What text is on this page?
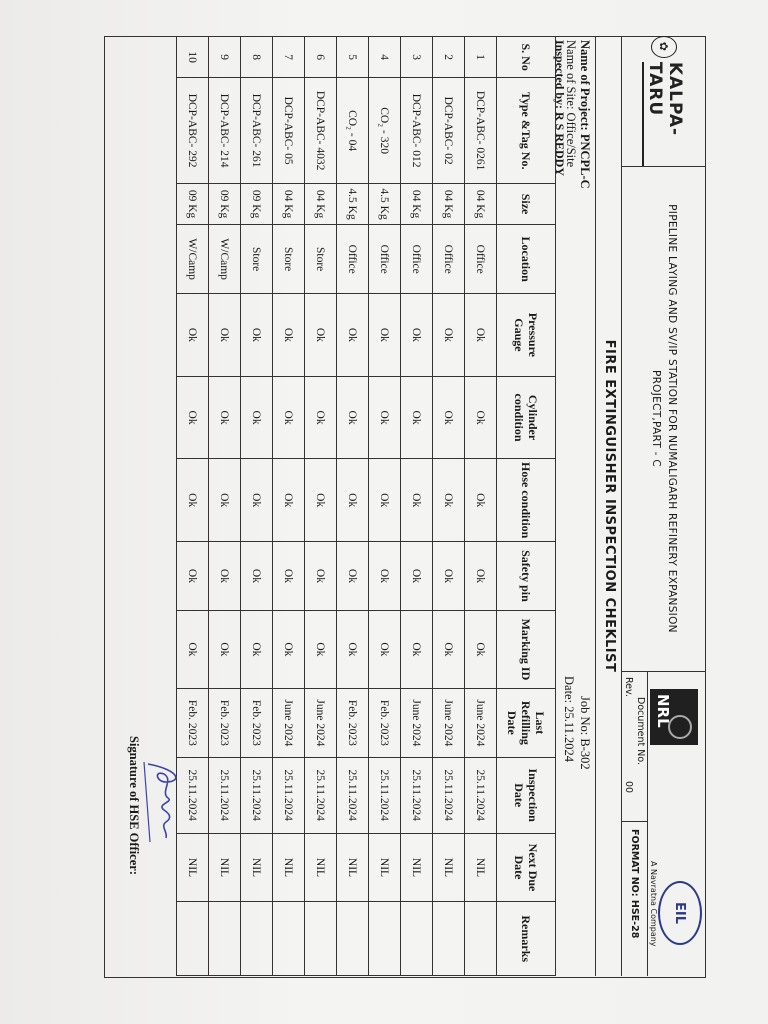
✿
KALPA-TARU
PIPELINE LAYING AND SV/IP STATION FOR NUMALIGARH REFINERY EXPANSION
PROJECT,PART - C
NRL
EIL
A Navratna Company
Document No.
Rev.
00
FORMAT NO: HSE-28
FIRE EXTINGUISHER INSPECTION CHEKLIST
Name of Project: PNCPL-C
Name of Site: Office/Site
Inspected by: R S REDDY
Job No: B-302
Date: 25.11.2024
S. No	Type &Tag No.	Size	Location	Pressure Gauge	Cylinder condition	Hose condition	Safety pin	Marking ID	Last Refilling Date	Inspection Date	Next Due Date	Remarks
1	DCP-ABC- 0261	04 Kg	Office	Ok	Ok	Ok	Ok	Ok	June 2024	25.11.2024	NIL	
2	DCP-ABC- 02	04 Kg	Office	Ok	Ok	Ok	Ok	Ok	June 2024	25.11.2024	NIL	
3	DCP-ABC- 012	04 Kg	Office	Ok	Ok	Ok	Ok	Ok	June 2024	25.11.2024	NIL	
4	CO₂ - 320	4.5 Kg	Office	Ok	Ok	Ok	Ok	Ok	Feb. 2023	25.11.2024	NIL	
5	CO₂ - 04	4.5 Kg	Office	Ok	Ok	Ok	Ok	Ok	Feb. 2023	25.11.2024	NIL	
6	DCP-ABC- 4032	04 Kg	Store	Ok	Ok	Ok	Ok	Ok	June 2024	25.11.2024	NIL	
7	DCP-ABC- 05	04 Kg	Store	Ok	Ok	Ok	Ok	Ok	June 2024	25.11.2024	NIL	
8	DCP-ABC- 261	09 Kg	Store	Ok	Ok	Ok	Ok	Ok	Feb. 2023	25.11.2024	NIL	
9	DCP-ABC- 214	09 Kg	W/Camp	Ok	Ok	Ok	Ok	Ok	Feb. 2023	25.11.2024	NIL	
10	DCP-ABC- 292	09 Kg	W/Camp	Ok	Ok	Ok	Ok	Ok	Feb. 2023	25.11.2024	NIL	
Signature of HSE Officer:
